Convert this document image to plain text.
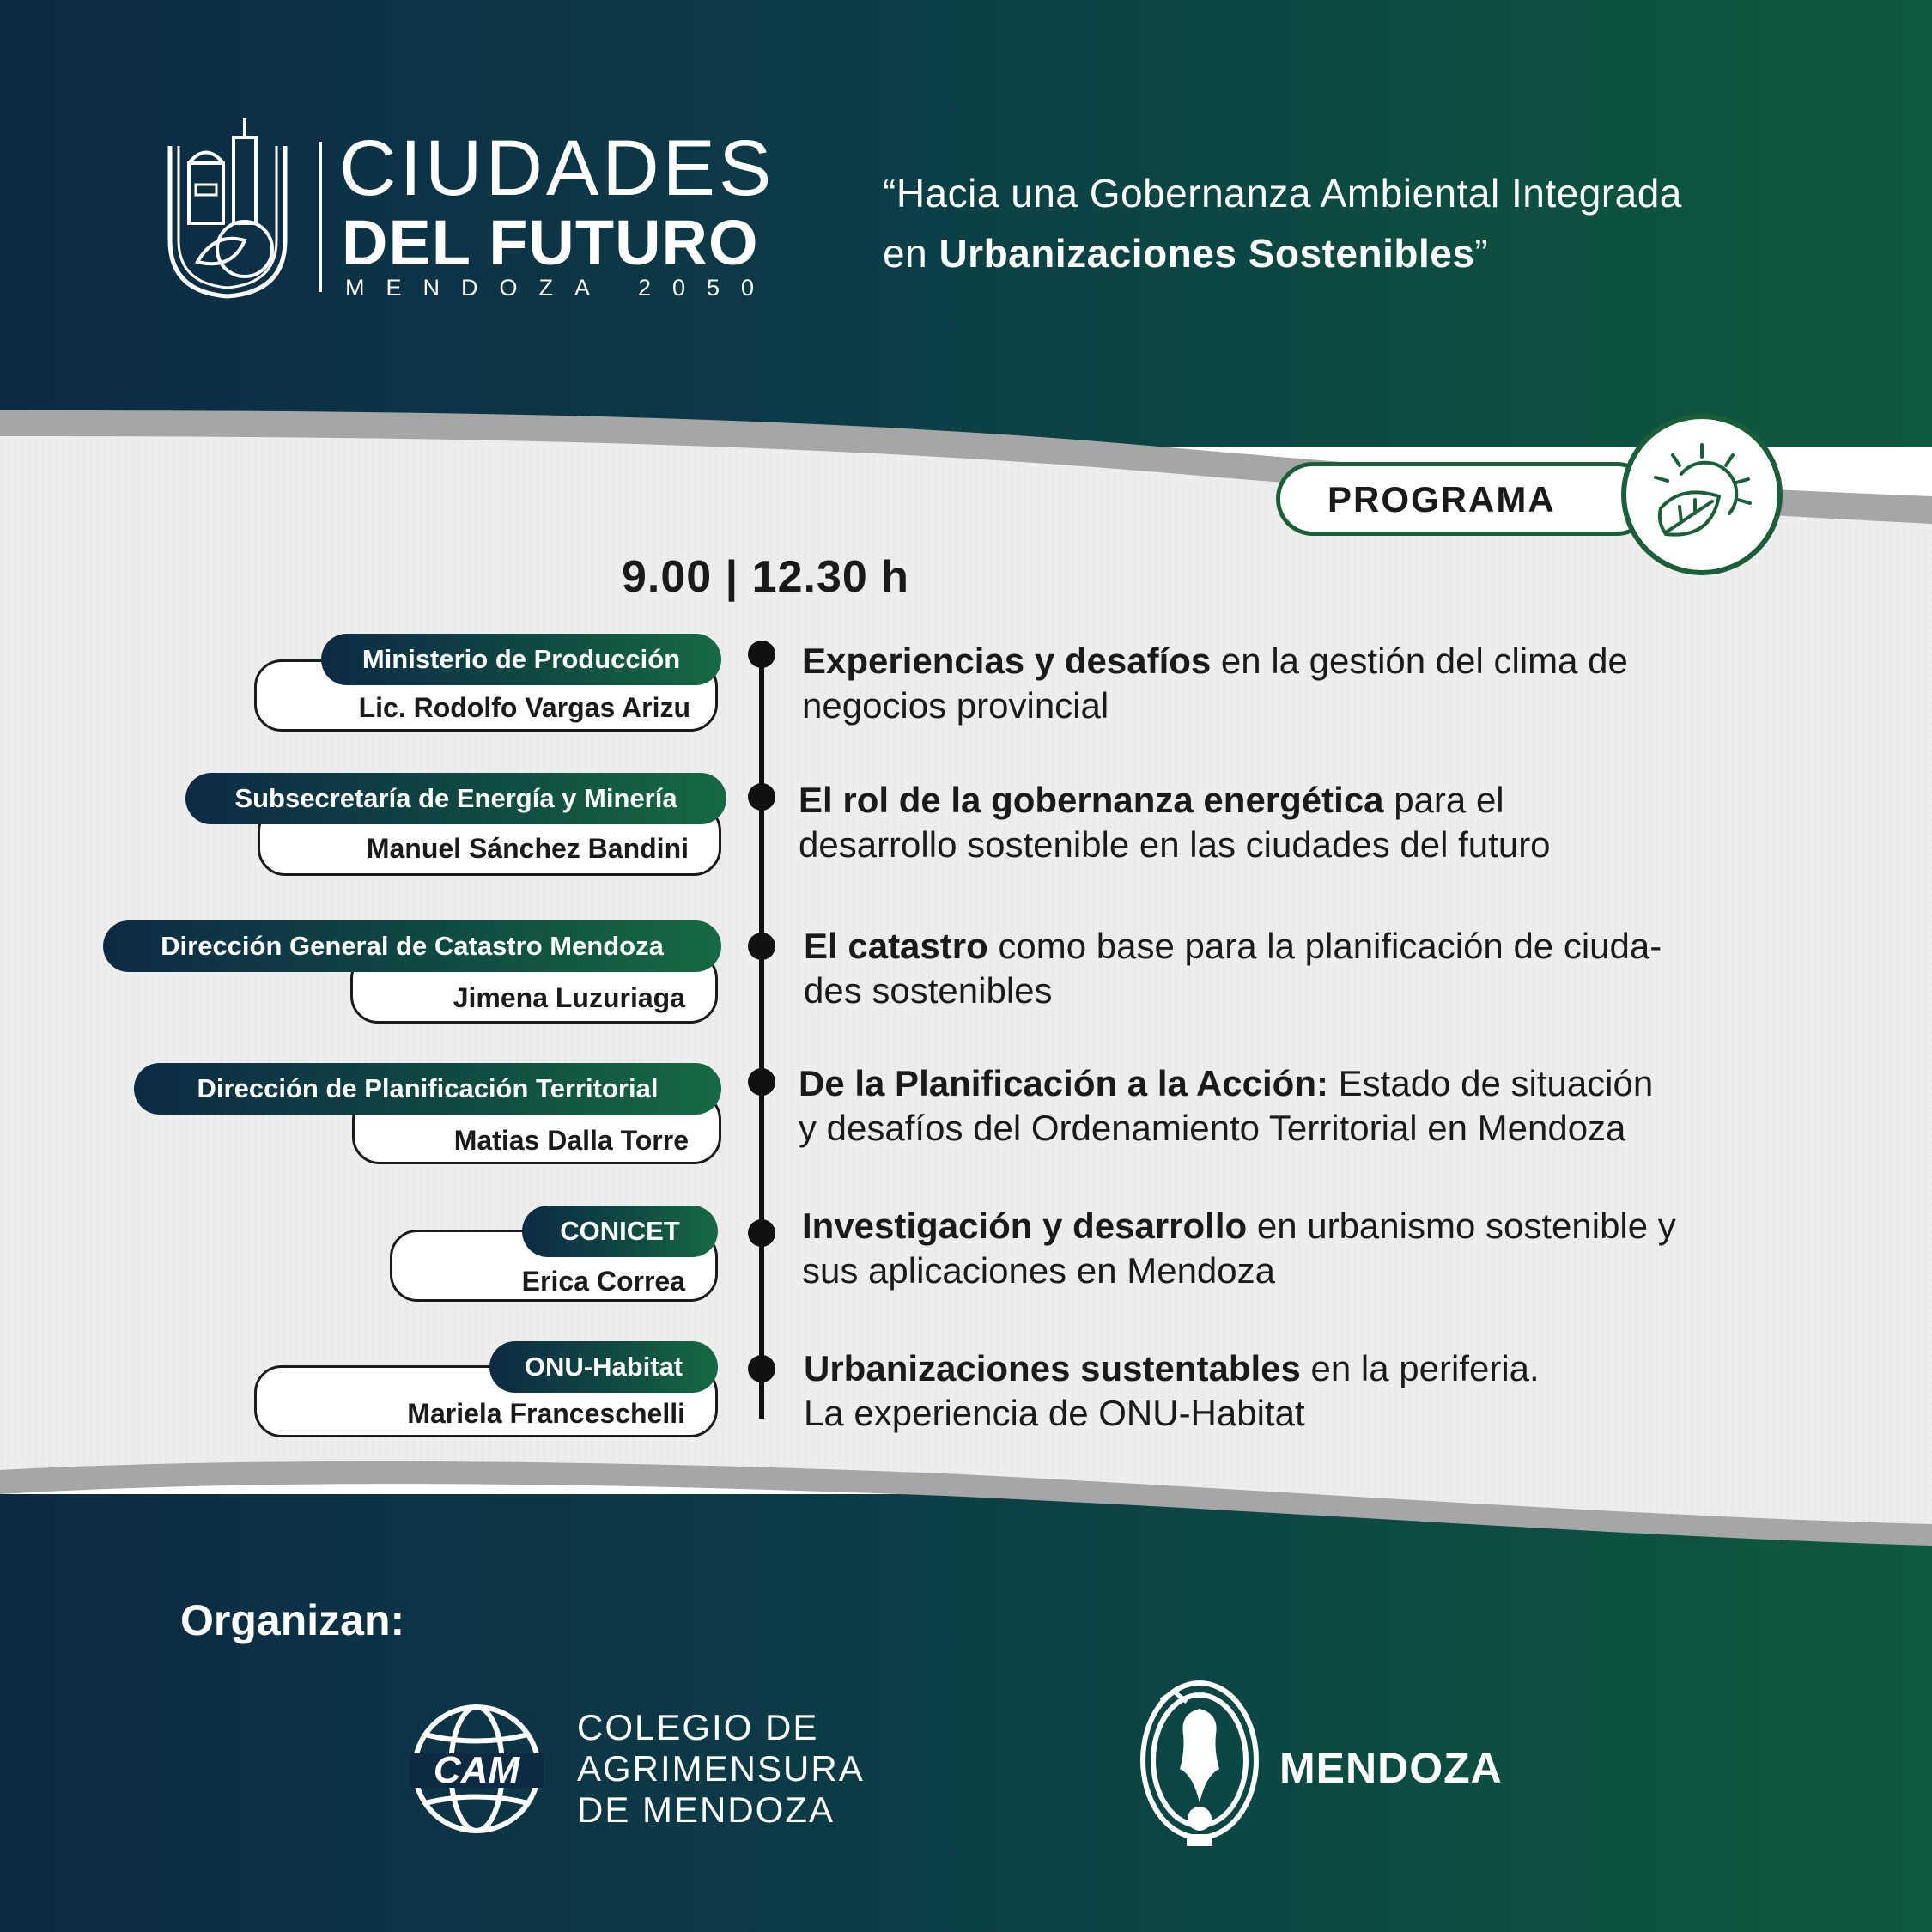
CIUDADES
DEL FUTURO
MENDOZA 2050
“Hacia una Gobernanza Ambiental Integrada
en Urbanizaciones Sostenibles”
PROGRAMA
9.00 | 12.30 h
Lic. Rodolfo Vargas Arizu
Ministerio de Producción	Experiencias y desafíos en la gestión del clima de
negocios provincial
Manuel Sánchez Bandini
Subsecretaría de Energía y Minería	El rol de la gobernanza energética para el
desarrollo sostenible en las ciudades del futuro
Jimena Luzuriaga
Dirección General de Catastro Mendoza	El catastro como base para la planificación de ciuda-
des sostenibles
Matias Dalla Torre
Dirección de Planificación Territorial	De la Planificación a la Acción: Estado de situación
y desafíos del Ordenamiento Territorial en Mendoza
Erica Correa
CONICET	Investigación y desarrollo en urbanismo sostenible y
sus aplicaciones en Mendoza
Mariela Franceschelli
ONU-Habitat	Urbanizaciones sustentables en la periferia.
La experiencia de ONU-Habitat
Organizan:
CAM
COLEGIO DE
AGRIMENSURA
DE MENDOZA
MENDOZA
